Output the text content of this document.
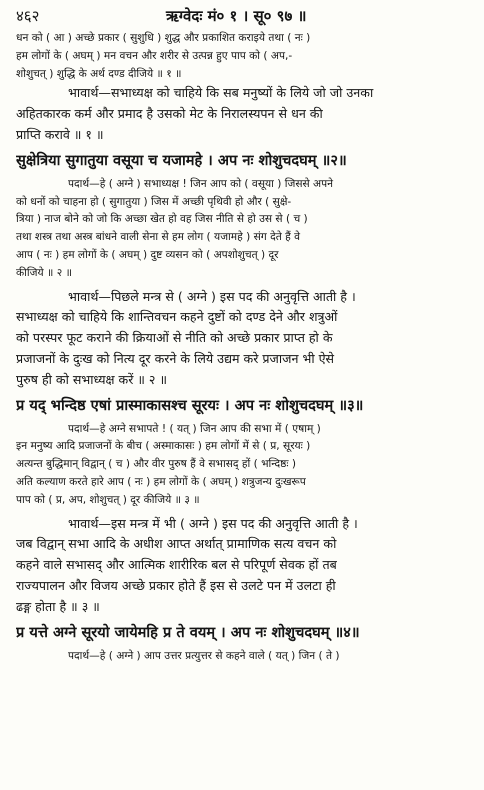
४६२	ऋग्वेदः मं० १ । सू० ९७ ॥
धन को ( आ ) अच्छे प्रकार ( सुशुधि ) शुद्ध और प्रकाशित कराइये तथा ( नः )
हम लोगों के ( अघम् ) मन वचन और शरीर से उत्पन्न हुए पाप को ( अप,-
शोशुचत् ) शुद्धि के अर्थ दण्ड दीजिये ॥ १ ॥
भावार्थ—सभाध्यक्ष को चाहिये कि सब मनुष्यों के लिये जो जो उनका
अहितकारक कर्म और प्रमाद है उसको मेट के निरालस्यपन से धन की
प्राप्ति करावे ॥ १ ॥
सुक्षेत्रिया सुगातुया वसूया च यजामहे । अप नः शोशुचदघम् ॥२॥
पदार्थ—हे ( अग्ने ) सभाध्यक्ष ! जिन आप को ( वसूया ) जिससे अपने
को धनों को चाहना हो ( सुगातुया ) जिस में अच्छी पृथिवी हो और ( सुक्षे-
त्रिया ) नाज बोने को जो कि अच्छा खेत हो वह जिस नीति से हो उस से ( च )
तथा शस्त्र तथा अस्त्र बांधने वाली सेना से हम लोग ( यजामहे ) संग देते हैं वे
आप ( नः ) हम लोगों के ( अघम् ) दुष्ट व्यसन को ( अपशोशुचत् ) दूर
कीजिये ॥ २ ॥
भावार्थ—पिछले मन्त्र से ( अग्ने ) इस पद की अनुवृत्ति आती है ।
सभाध्यक्ष को चाहिये कि शान्तिवचन कहने दुष्टों को दण्ड देने और शत्रुओं
को परस्पर फूट कराने की क्रियाओं से नीति को अच्छे प्रकार प्राप्त हो के
प्रजाजनों के दुःख को नित्य दूर करने के लिये उद्यम करे प्रजाजन भी ऐसे
पुरुष ही को सभाध्यक्ष करें ॥ २ ॥
प्र यद् भन्दिष्ठ एषां प्रास्माकासश्च सूरयः । अप नः शोशुचदघम् ॥३॥
पदार्थ—हे अग्ने सभापते ! ( यत् ) जिन आप की सभा में ( एषाम् )
इन मनुष्य आदि प्रजाजनों के बीच ( अस्माकासः ) हम लोगों में से ( प्र, सूरयः )
अत्यन्त बुद्धिमान् विद्वान् ( च ) और वीर पुरुष हैं वे सभासद् हों ( भन्दिष्ठः )
अति कल्याण करते हारे आप ( नः ) हम लोगों के ( अघम् ) शत्रुजन्य दुःखरूप
पाप को ( प्र, अप, शोशुचत् ) दूर कीजिये ॥ ३ ॥
भावार्थ—इस मन्त्र में भी ( अग्ने ) इस पद की अनुवृत्ति आती है ।
जब विद्वान् सभा आदि के अधीश आप्त अर्थात् प्रामाणिक सत्य वचन को
कहने वाले सभासद् और आत्मिक शारीरिक बल से परिपूर्ण सेवक हों तब
राज्यपालन और विजय अच्छे प्रकार होते हैं इस से उलटे पन में उलटा ही
ढङ्ग होता है ॥ ३ ॥
प्र यत्ते अग्ने सूरयो जायेमहि प्र ते वयम् । अप नः शोशुचदघम् ॥४॥
पदार्थ—हे ( अग्ने ) आप उत्तर प्रत्युत्तर से कहने वाले ( यत् ) जिन ( ते )
